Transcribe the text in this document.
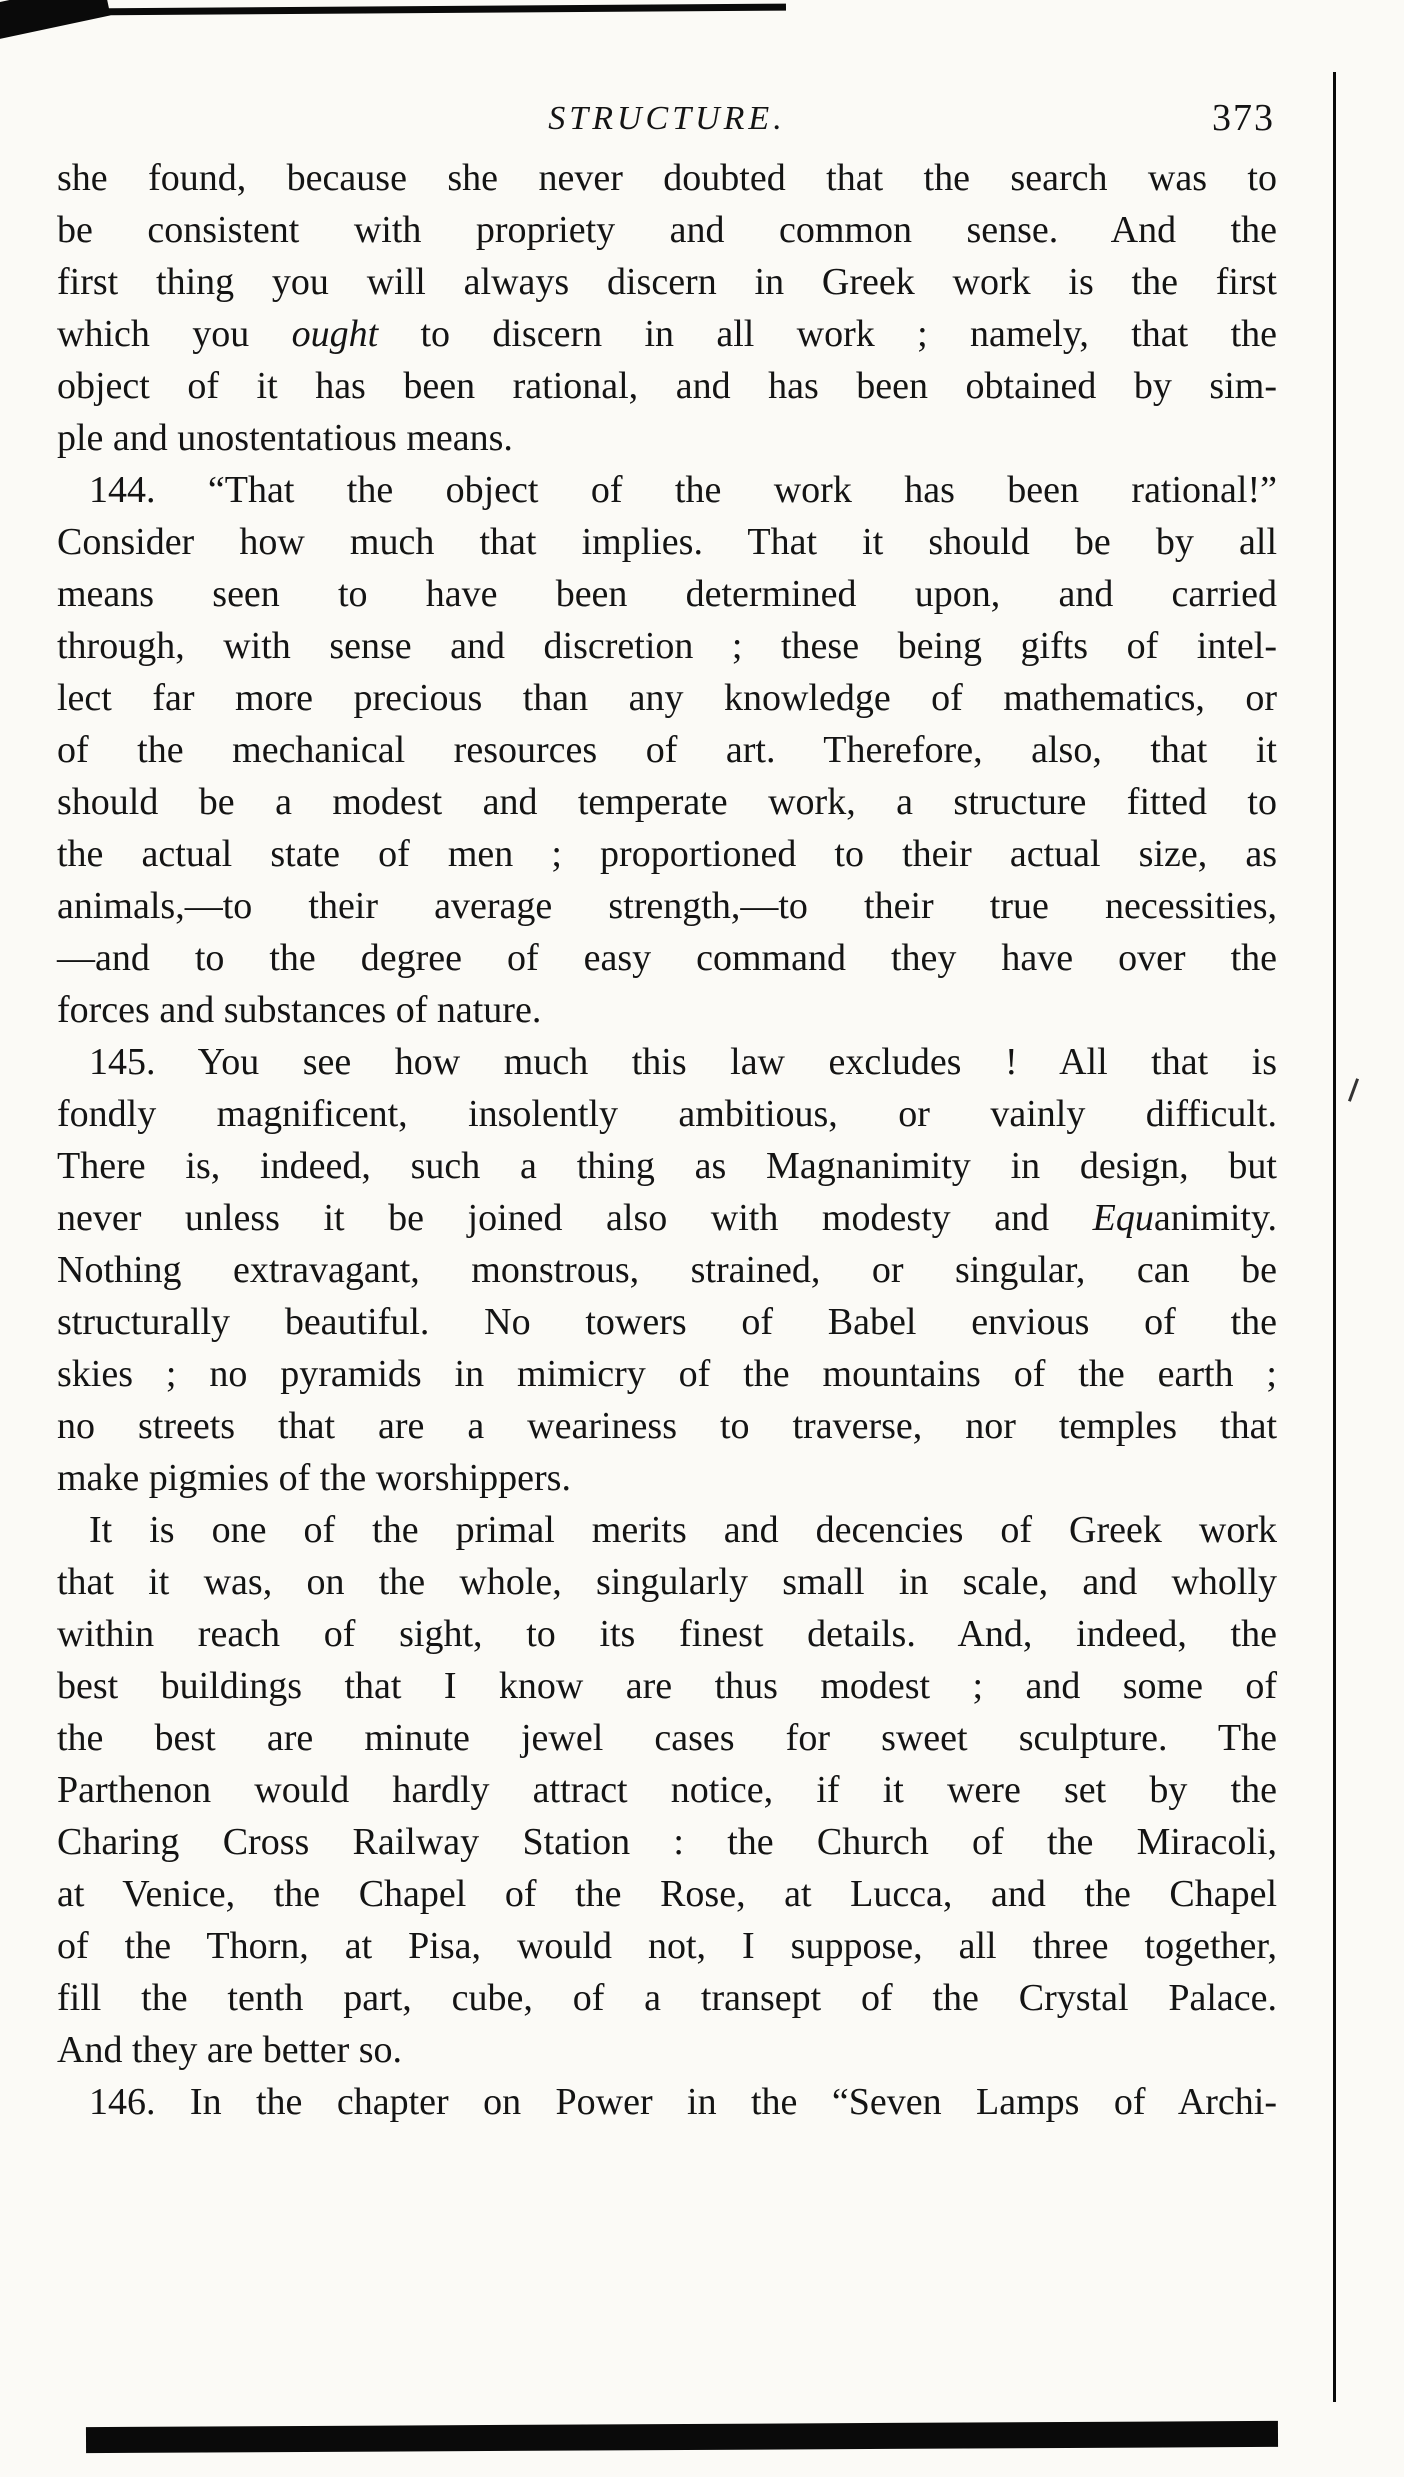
STRUCTURE.	373

she found, because she never doubted that the search was to
be consistent with propriety and common sense. And the
first thing you will always discern in Greek work is the first
which you ought to discern in all work ; namely, that the
object of it has been rational, and has been obtained by sim-
ple and unostentatious means.

144. “That the object of the work has been rational!”
Consider how much that implies. That it should be by all
means seen to have been determined upon, and carried
through, with sense and discretion ; these being gifts of intel-
lect far more precious than any knowledge of mathematics, or
of the mechanical resources of art. Therefore, also, that it
should be a modest and temperate work, a structure fitted to
the actual state of men ; proportioned to their actual size, as
animals,—to their average strength,—to their true necessities,
—and to the degree of easy command they have over the
forces and substances of nature.

145. You see how much this law excludes ! All that is
fondly magnificent, insolently ambitious, or vainly difficult.
There is, indeed, such a thing as Magnanimity in design, but
never unless it be joined also with modesty and Equanimity.
Nothing extravagant, monstrous, strained, or singular, can be
structurally beautiful. No towers of Babel envious of the
skies ; no pyramids in mimicry of the mountains of the earth ;
no streets that are a weariness to traverse, nor temples that
make pigmies of the worshippers.

It is one of the primal merits and decencies of Greek work
that it was, on the whole, singularly small in scale, and wholly
within reach of sight, to its finest details. And, indeed, the
best buildings that I know are thus modest ; and some of
the best are minute jewel cases for sweet sculpture. The
Parthenon would hardly attract notice, if it were set by the
Charing Cross Railway Station : the Church of the Miracoli,
at Venice, the Chapel of the Rose, at Lucca, and the Chapel
of the Thorn, at Pisa, would not, I suppose, all three together,
fill the tenth part, cube, of a transept of the Crystal Palace.
And they are better so.

146. In the chapter on Power in the “Seven Lamps of Archi-
